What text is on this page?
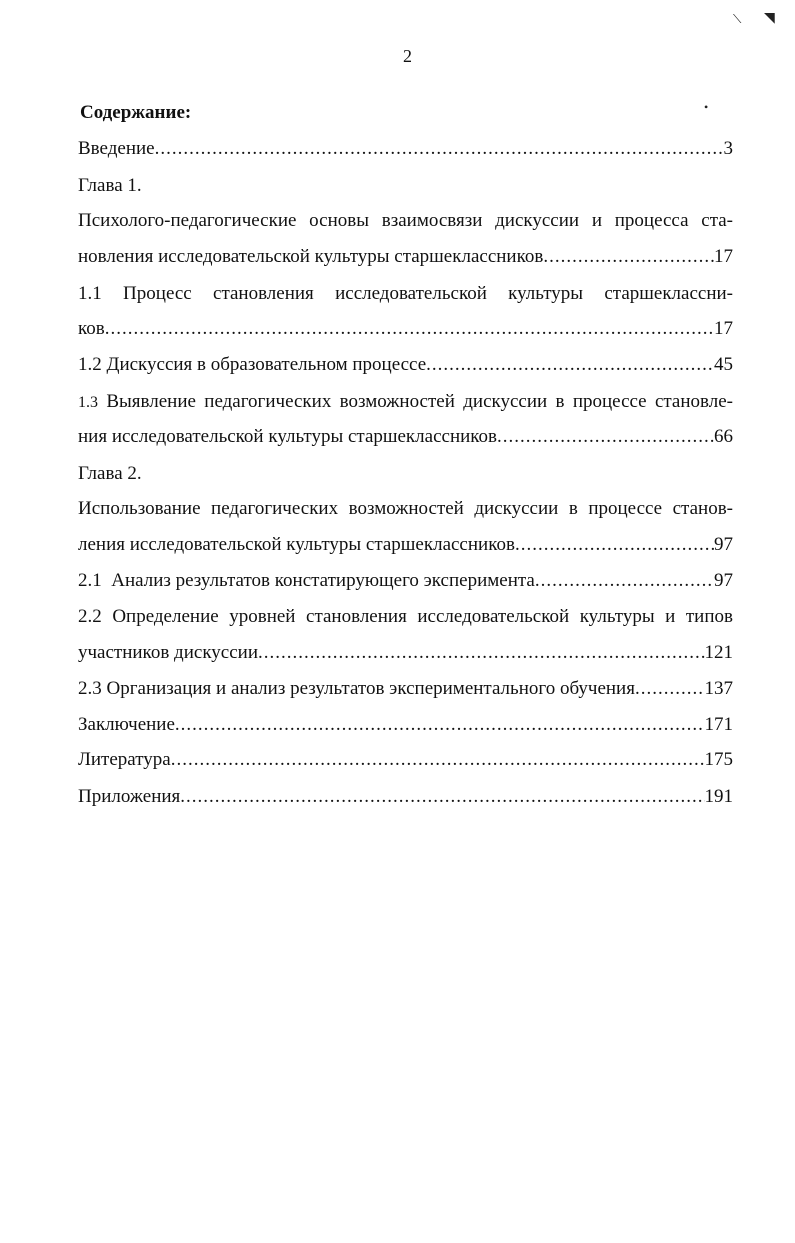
◥
⟍
•
2
Содержание:
Введение .....	3
Глава 1.
Психолого-педагогические основы взаимосвязи дискуссии и процесса ста-
новления исследовательской культуры старшеклассников .....	17
1.1 Процесс становления исследовательской культуры старшеклассни-
ков .....	17
1.2 Дискуссия в образовательном процессе .....	45
1.3 Выявление педагогических возможностей дискуссии в процессе становле-
ния исследовательской культуры старшеклассников .....	66
Глава 2.
Использование педагогических возможностей дискуссии в процессе станов-
ления исследовательской культуры старшеклассников .....	97
2.1  Анализ результатов констатирующего эксперимента .....	97
2.2 Определение уровней становления исследовательской культуры и типов
участников дискуссии .....	121
2.3 Организация и анализ результатов экспериментального обучения .....	137
Заключение .....	171
Литература .....	175
Приложения .....	191
